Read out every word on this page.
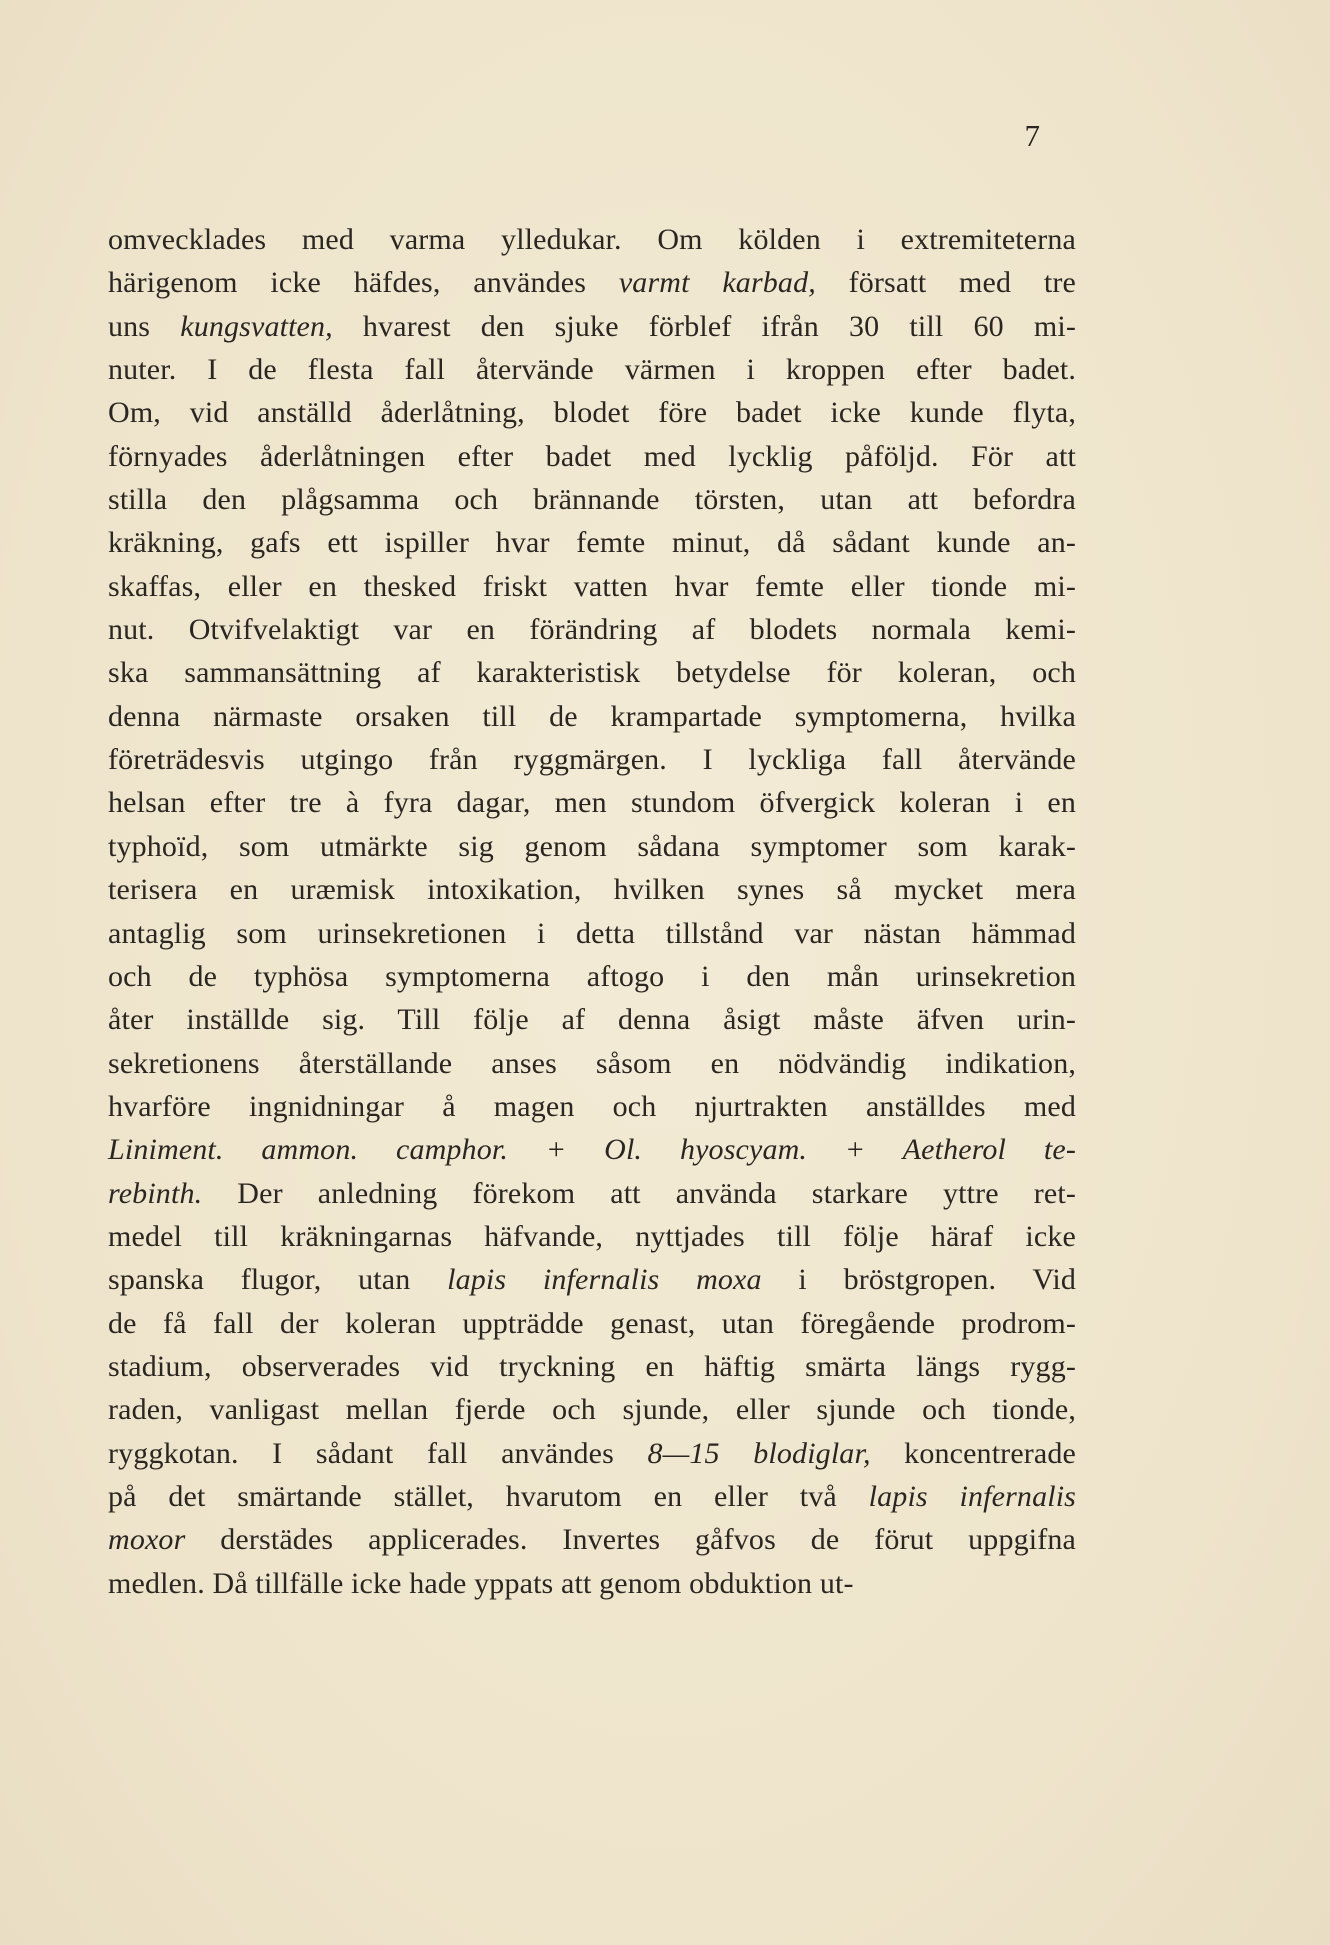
7
omvecklades med varma ylledukar. Om kölden i extremiteterna
härigenom icke häfdes, användes varmt karbad, försatt med tre
uns kungsvatten, hvarest den sjuke förblef ifrån 30 till 60 mi-
nuter. I de flesta fall återvände värmen i kroppen efter badet.
Om, vid anställd åderlåtning, blodet före badet icke kunde flyta,
förnyades åderlåtningen efter badet med lycklig påföljd. För att
stilla den plågsamma och brännande törsten, utan att befordra
kräkning, gafs ett ispiller hvar femte minut, då sådant kunde an-
skaffas, eller en thesked friskt vatten hvar femte eller tionde mi-
nut. Otvifvelaktigt var en förändring af blodets normala kemi-
ska sammansättning af karakteristisk betydelse för koleran, och
denna närmaste orsaken till de krampartade symptomerna, hvilka
företrädesvis utgingo från ryggmärgen. I lyckliga fall återvände
helsan efter tre à fyra dagar, men stundom öfvergick koleran i en
typhoïd, som utmärkte sig genom sådana symptomer som karak-
terisera en uræmisk intoxikation, hvilken synes så mycket mera
antaglig som urinsekretionen i detta tillstånd var nästan hämmad
och de typhösa symptomerna aftogo i den mån urinsekretion
åter inställde sig. Till följe af denna åsigt måste äfven urin-
sekretionens återställande anses såsom en nödvändig indikation,
hvarföre ingnidningar å magen och njurtrakten anställdes med
Liniment. ammon. camphor. + Ol. hyoscyam. + Aetherol te-
rebinth. Der anledning förekom att använda starkare yttre ret-
medel till kräkningarnas häfvande, nyttjades till följe häraf icke
spanska flugor, utan lapis infernalis moxa i bröstgropen. Vid
de få fall der koleran uppträdde genast, utan föregående prodrom-
stadium, observerades vid tryckning en häftig smärta längs rygg-
raden, vanligast mellan fjerde och sjunde, eller sjunde och tionde,
ryggkotan. I sådant fall användes 8—15 blodiglar, koncentrerade
på det smärtande stället, hvarutom en eller två lapis infernalis
moxor derstädes applicerades. Invertes gåfvos de förut uppgifna
medlen. Då tillfälle icke hade yppats att genom obduktion ut-
